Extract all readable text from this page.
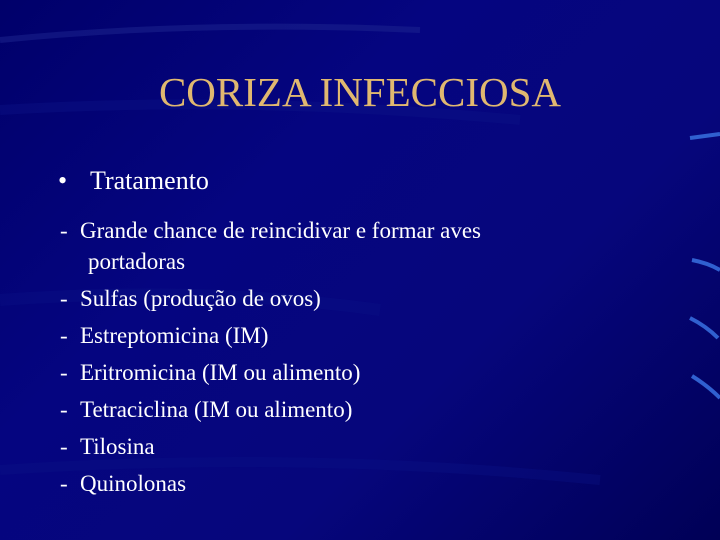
CORIZA INFECCIOSA
• Tratamento
- Grande chance de reincidivar e formar aves
portadoras
- Sulfas (produção de ovos)
- Estreptomicina (IM)
- Eritromicina (IM ou alimento)
- Tetraciclina (IM ou alimento)
- Tilosina
- Quinolonas
